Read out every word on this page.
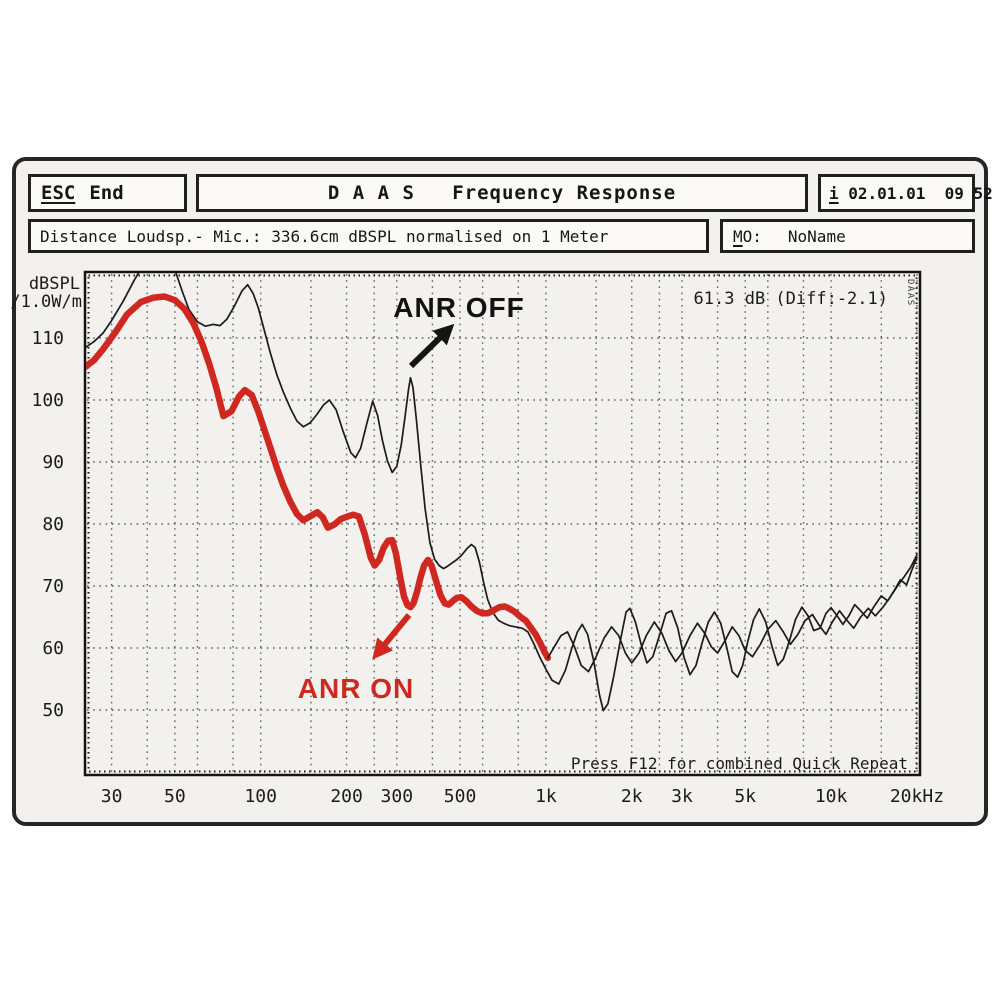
ESC End	D A A S   Frequency Response	i 02.01.01  09 52
Distance Loudsp.- Mic.: 336.6cm dBSPL normalised on 1 Meter	MO: NoName
110
100
90
80
70
60
50
30 50	100	200 300 500	1k	2k 3k 5k	10k 20kHz
dBSPL
/1.0W/m	61.3 dB (Diff:-2.1) DAAS
Press F12 for combined Quick Repeat
ANR OFF
ANR ON
